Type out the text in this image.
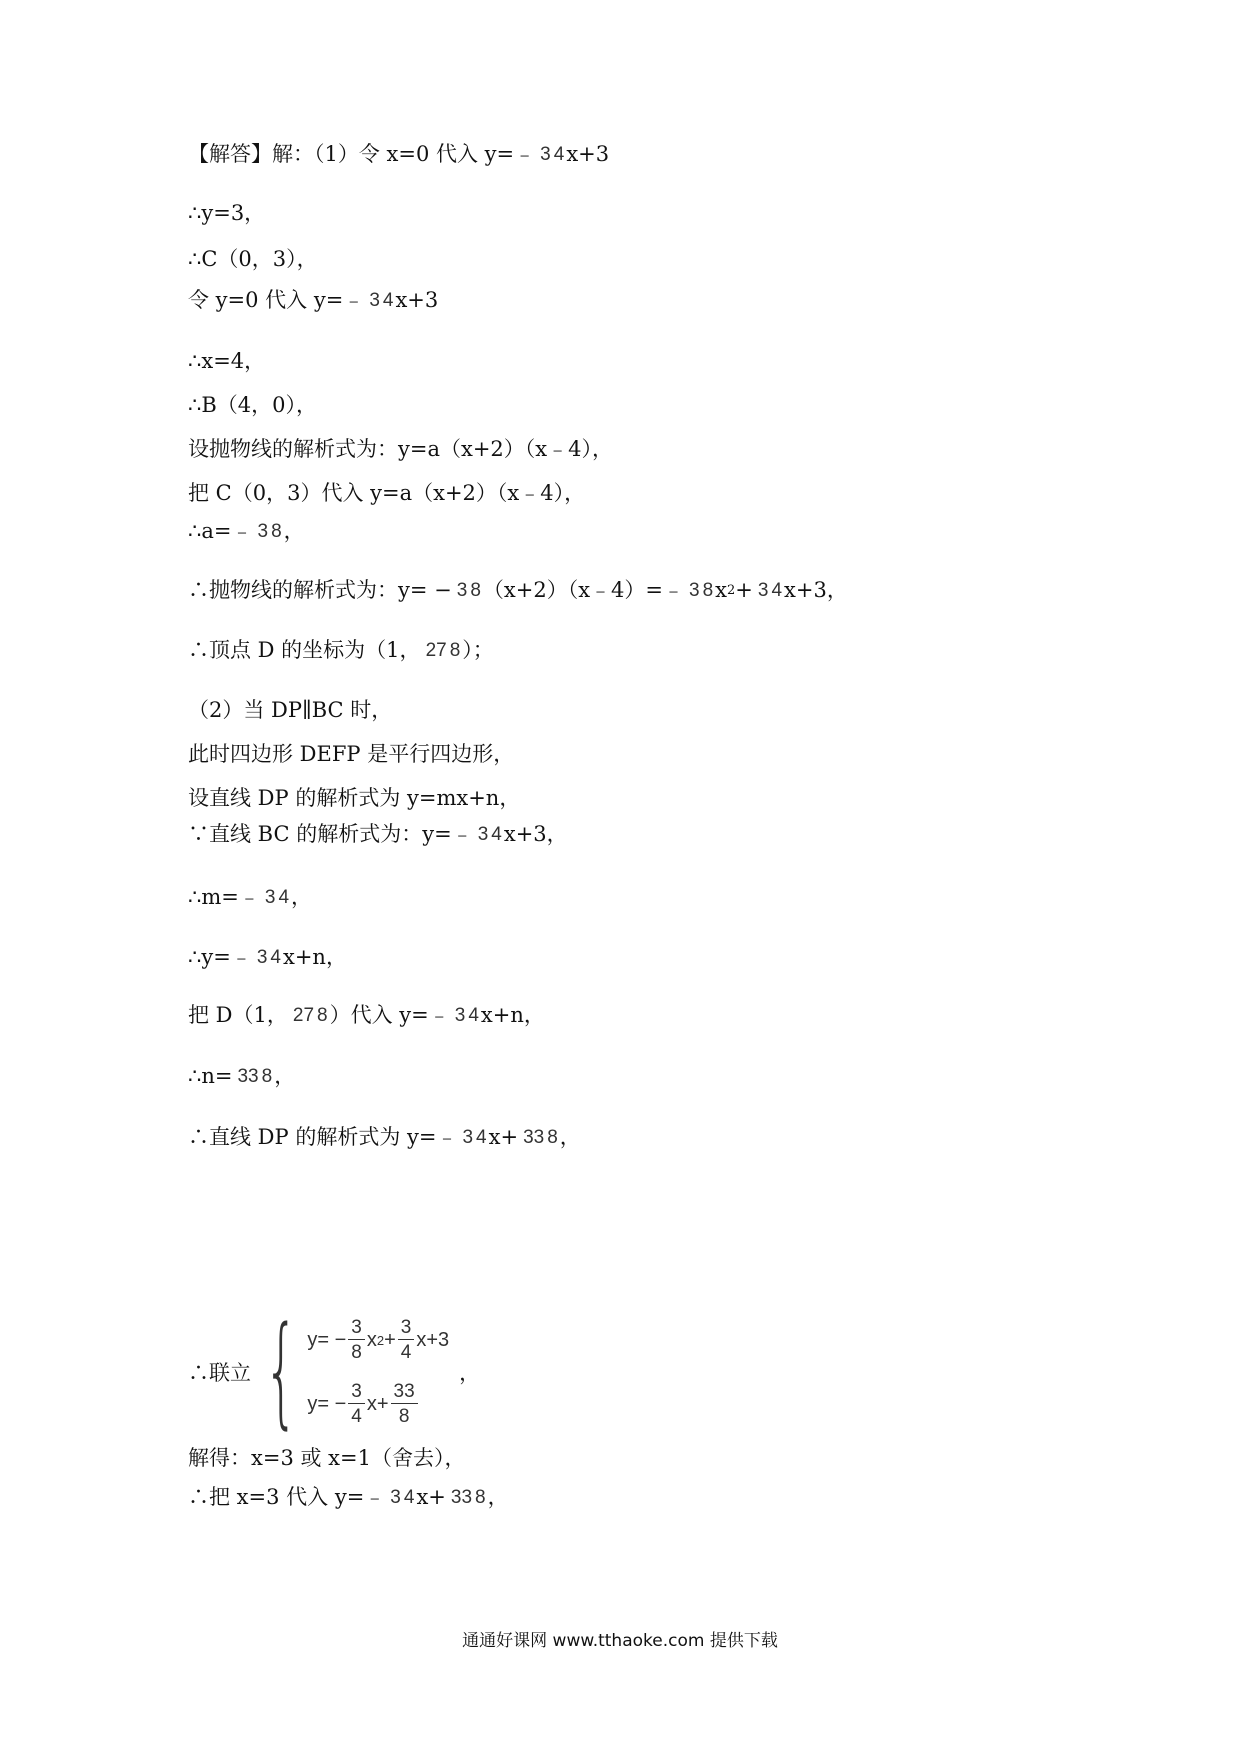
【解答】解：（1）令 x=0 代入 y=﹣ 3 4 x+3
∴y=3，
∴C（0，3），
令 y=0 代入 y=﹣ 3 4 x+3
∴x=4，
∴B（4，0），
设抛物线的解析式为：y=a（x+2）（x﹣4），
把 C（0，3）代入 y=a（x+2）（x﹣4），
∴a=﹣ 3 8 ，
∴抛物线的解析式为：y= − 3 8 （x+2）（x﹣4）=﹣ 3 8 x 2 + 3 4 x+3，
∴顶点 D 的坐标为（1， 27 8 ）；
（2）当 DP∥BC 时，
此时四边形 DEFP 是平行四边形，
设直线 DP 的解析式为 y=mx+n，
∵直线 BC 的解析式为：y=﹣ 3 4 x+3，
∴m=﹣ 3 4 ，
∴y=﹣ 3 4 x+n，
把 D（1， 27 8 ）代入 y=﹣ 3 4 x+n，
∴n= 33 8 ，
∴直线 DP 的解析式为 y=﹣ 3 4 x+ 33 8 ，
∴联立 { $y= - \frac{3}{8}$ x $2 + \frac{3}{4} x+3$
$y= - \frac{3}{4} x+ \frac{33}{8}$
，
解得：x=3 或 x=1（舍去），
∴把 x=3 代入 y=﹣ 3 4 x+ 33 8 ，
通通好课网 www.tthaoke.com 提供下载
